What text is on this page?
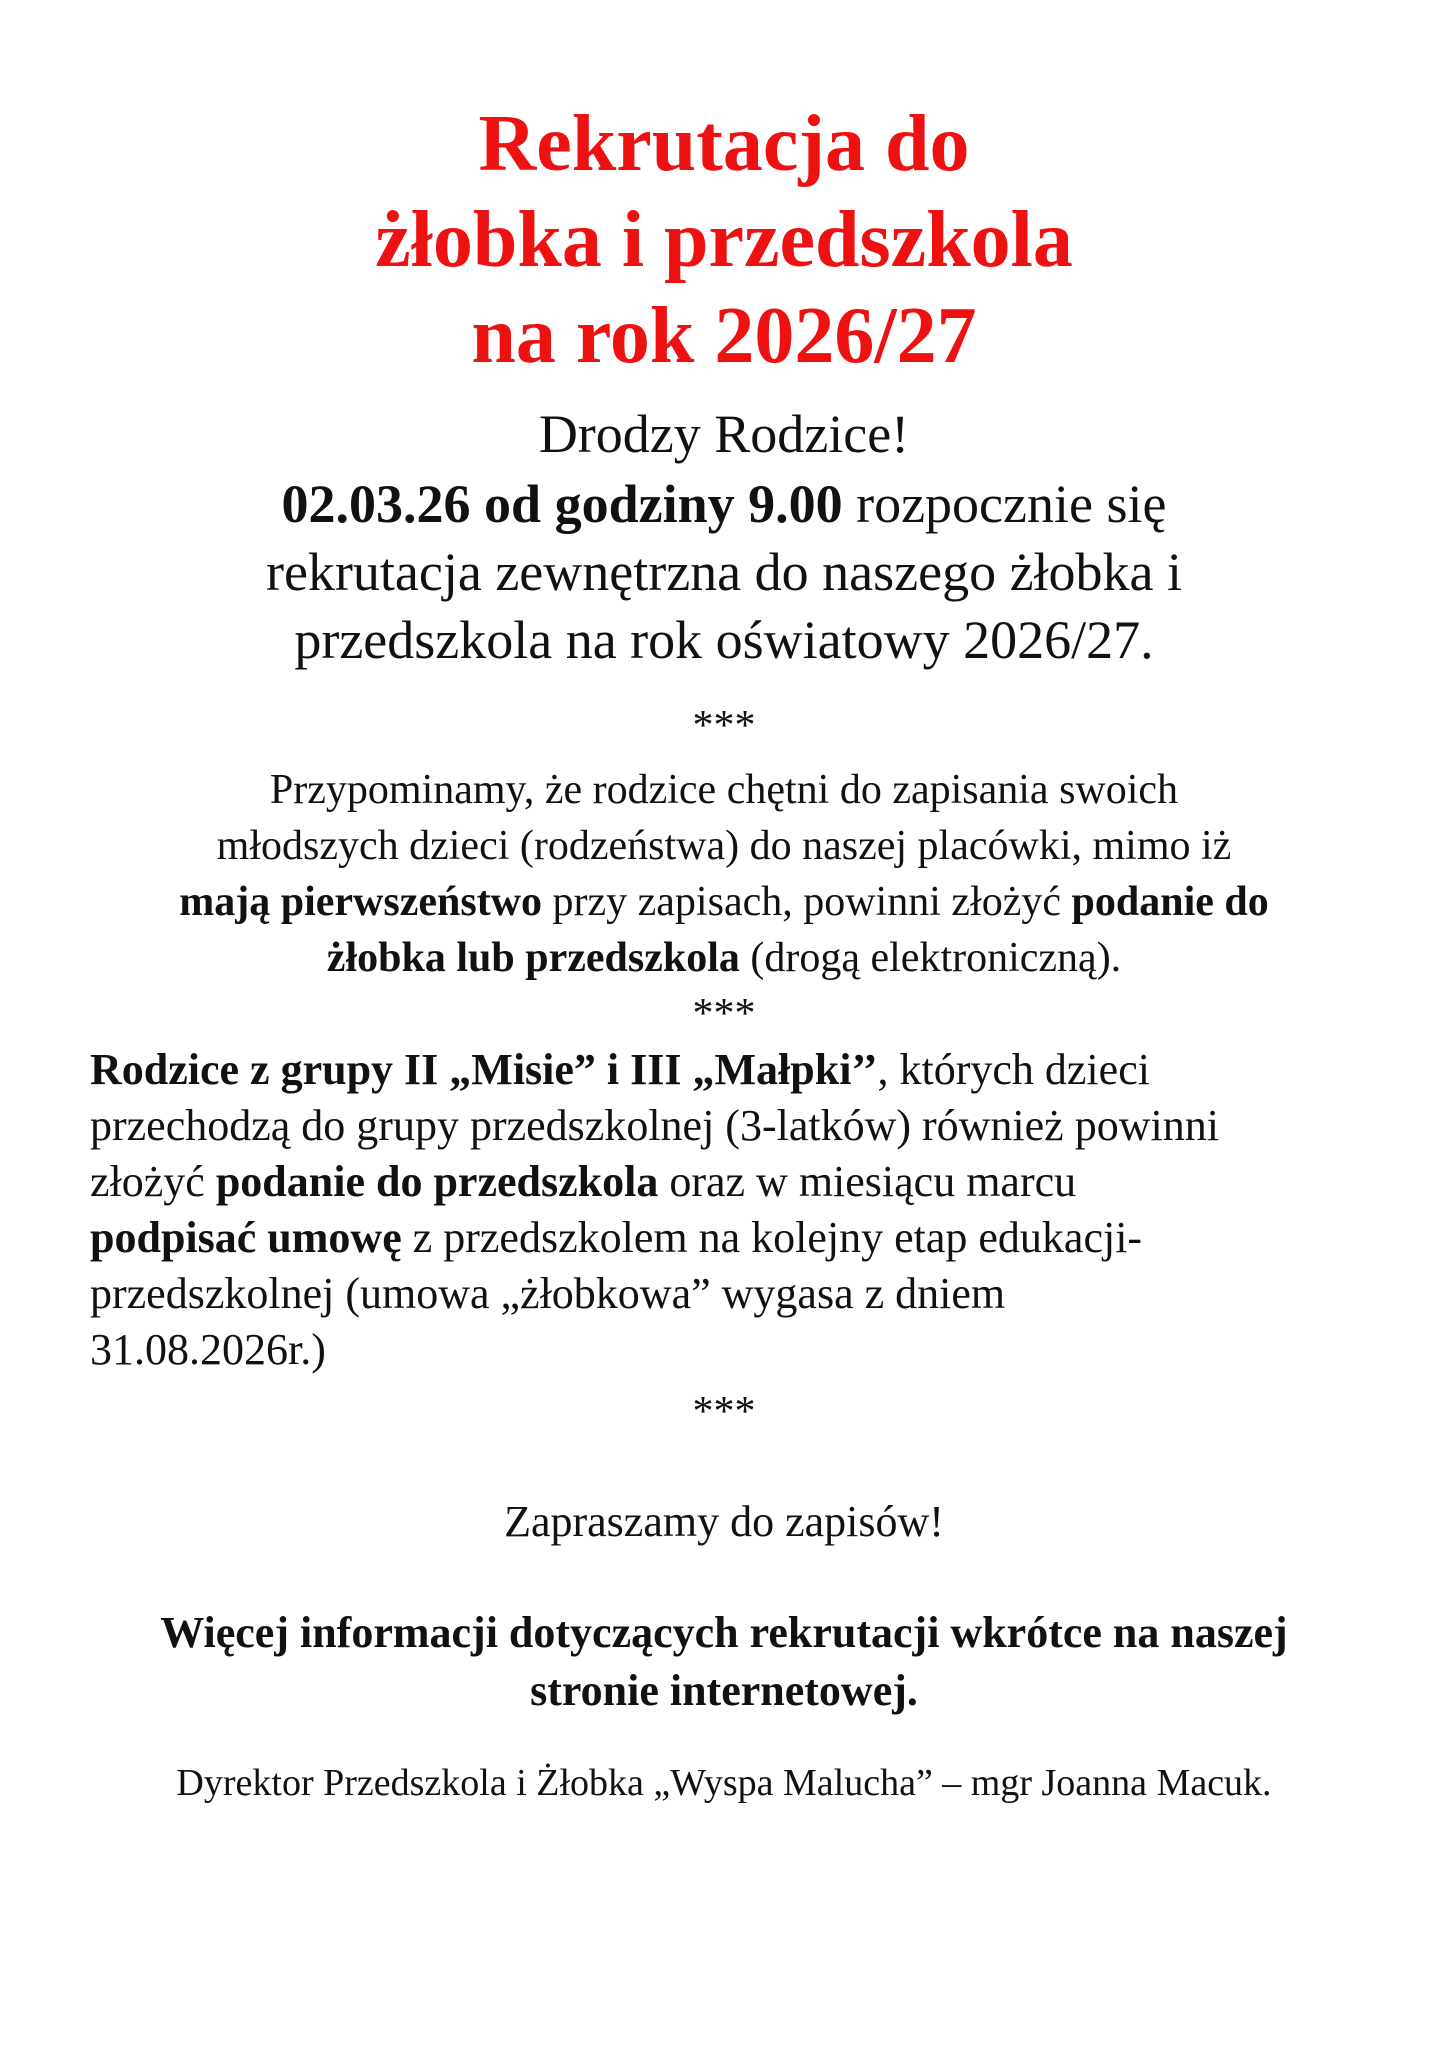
Rekrutacja do
żłobka i przedszkola
na rok 2026/27
Drodzy Rodzice!
02.03.26 od godziny 9.00 rozpocznie się
rekrutacja zewnętrzna do naszego żłobka i
przedszkola na rok oświatowy 2026/27.
***
Przypominamy, że rodzice chętni do zapisania swoich
młodszych dzieci (rodzeństwa) do naszej placówki, mimo iż
mają pierwszeństwo przy zapisach, powinni złożyć podanie do
żłobka lub przedszkola (drogą elektroniczną).
***
Rodzice z grupy II „Misie” i III „Małpki’’, których dzieci
przechodzą do grupy przedszkolnej (3-latków) również powinni
złożyć podanie do przedszkola oraz w miesiącu marcu
podpisać umowę z przedszkolem na kolejny etap edukacji-
przedszkolnej (umowa „żłobkowa” wygasa z dniem
31.08.2026r.)
***
Zapraszamy do zapisów!
Więcej informacji dotyczących rekrutacji wkrótce na naszej
stronie internetowej.
Dyrektor Przedszkola i Żłobka „Wyspa Malucha” – mgr Joanna Macuk.
